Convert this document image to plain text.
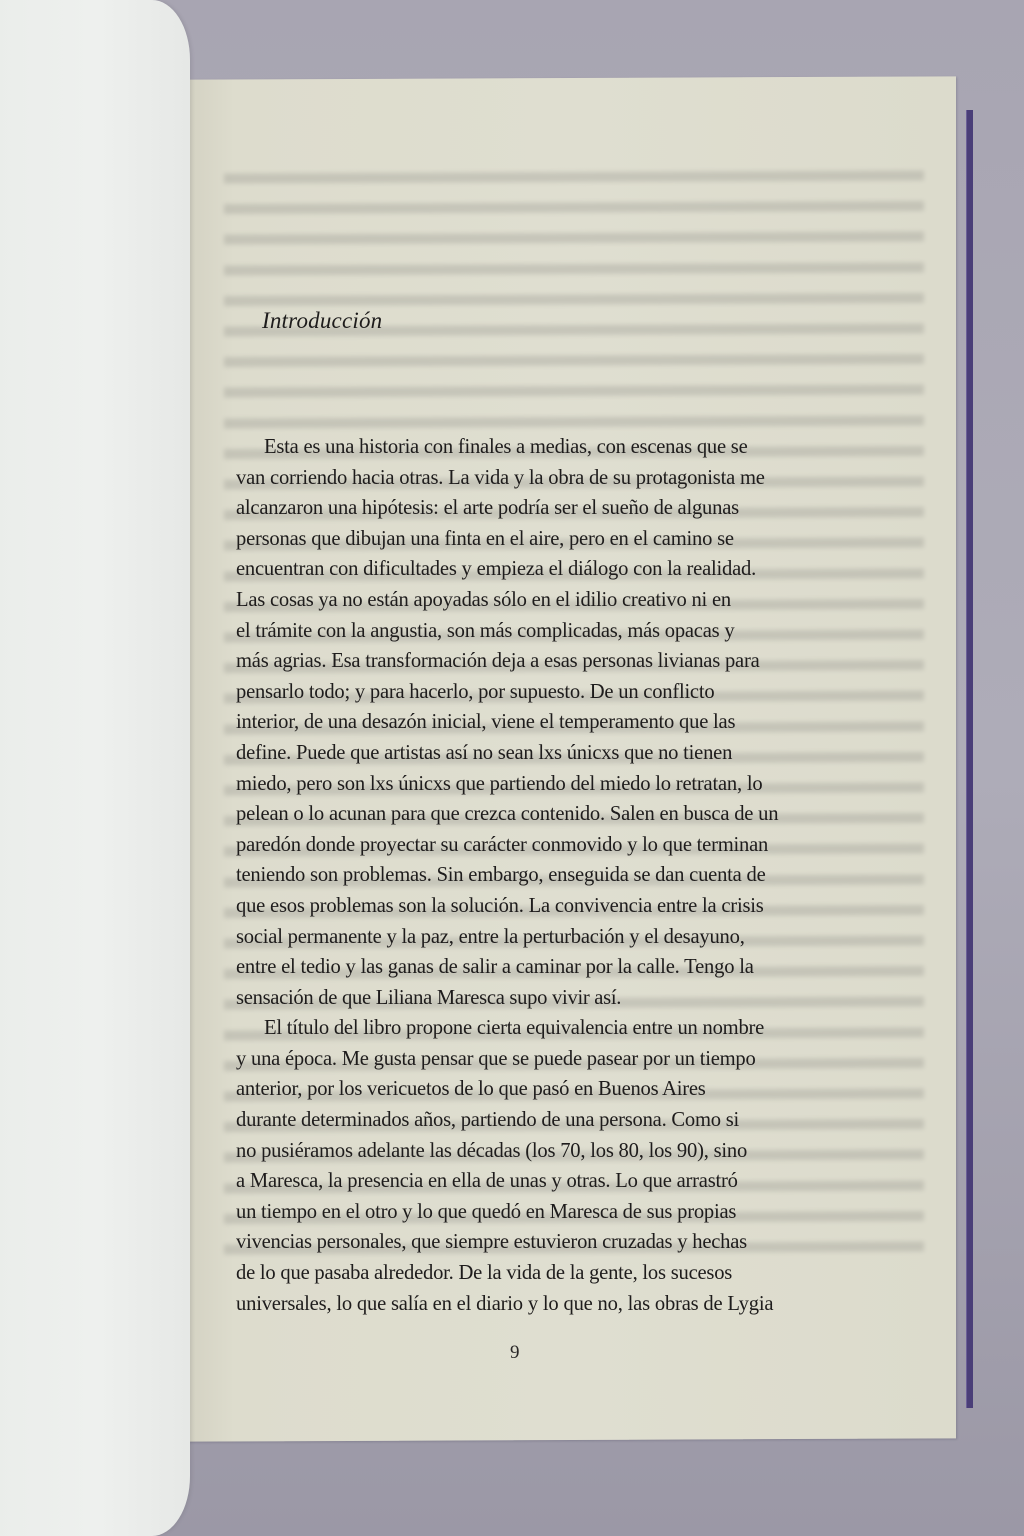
Introducción
Esta es una historia con finales a medias, con escenas que se
van corriendo hacia otras. La vida y la obra de su protagonista me
alcanzaron una hipótesis: el arte podría ser el sueño de algunas
personas que dibujan una finta en el aire, pero en el camino se
encuentran con dificultades y empieza el diálogo con la realidad.
Las cosas ya no están apoyadas sólo en el idilio creativo ni en
el trámite con la angustia, son más complicadas, más opacas y
más agrias. Esa transformación deja a esas personas livianas para
pensarlo todo; y para hacerlo, por supuesto. De un conflicto
interior, de una desazón inicial, viene el temperamento que las
define. Puede que artistas así no sean lxs únicxs que no tienen
miedo, pero son lxs únicxs que partiendo del miedo lo retratan, lo
pelean o lo acunan para que crezca contenido. Salen en busca de un
paredón donde proyectar su carácter conmovido y lo que terminan
teniendo son problemas. Sin embargo, enseguida se dan cuenta de
que esos problemas son la solución. La convivencia entre la crisis
social permanente y la paz, entre la perturbación y el desayuno,
entre el tedio y las ganas de salir a caminar por la calle. Tengo la
sensación de que Liliana Maresca supo vivir así.
El título del libro propone cierta equivalencia entre un nombre
y una época. Me gusta pensar que se puede pasear por un tiempo
anterior, por los vericuetos de lo que pasó en Buenos Aires
durante determinados años, partiendo de una persona. Como si
no pusiéramos adelante las décadas (los 70, los 80, los 90), sino
a Maresca, la presencia en ella de unas y otras. Lo que arrastró
un tiempo en el otro y lo que quedó en Maresca de sus propias
vivencias personales, que siempre estuvieron cruzadas y hechas
de lo que pasaba alrededor. De la vida de la gente, los sucesos
universales, lo que salía en el diario y lo que no, las obras de Lygia
9
